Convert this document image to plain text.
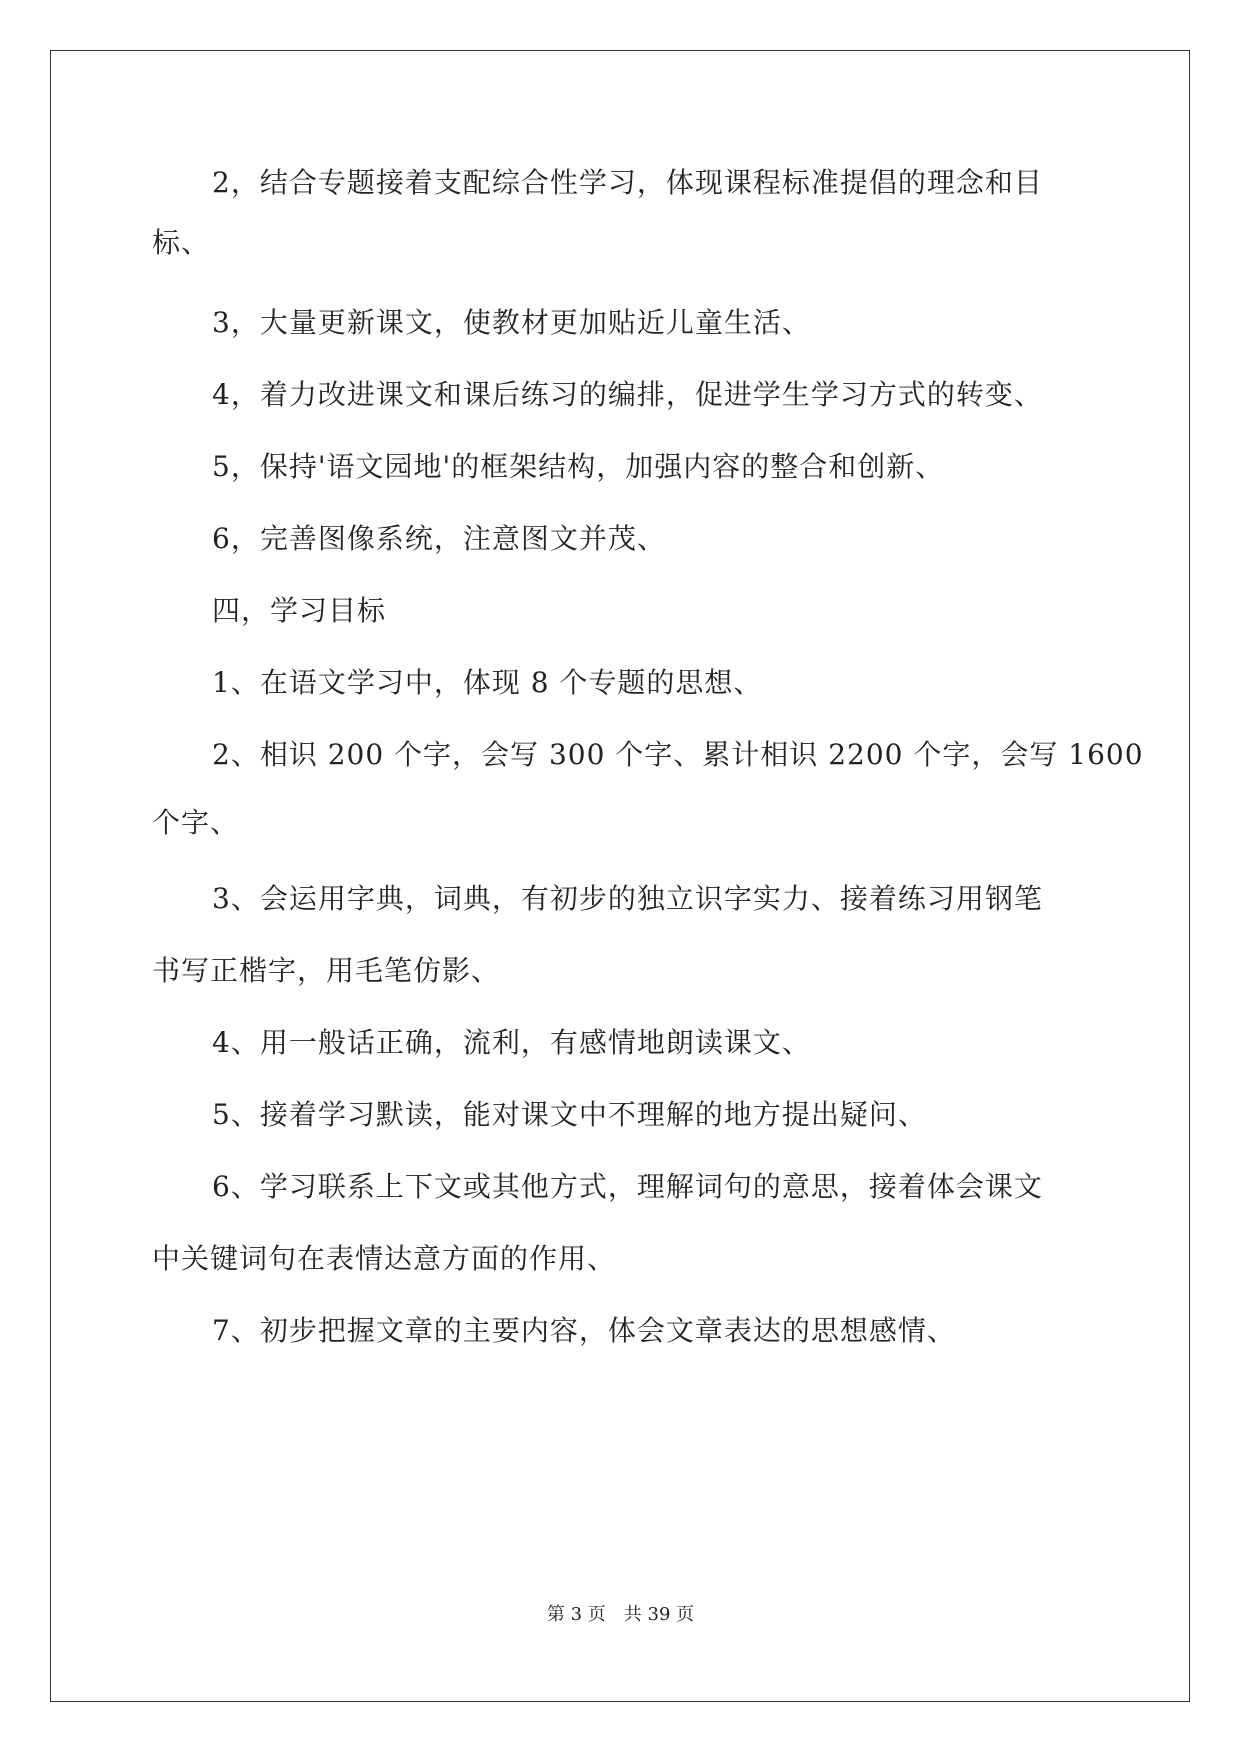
2，结合专题接着支配综合性学习，体现课程标准提倡的理念和目
标、
3，大量更新课文，使教材更加贴近儿童生活、
4，着力改进课文和课后练习的编排，促进学生学习方式的转变、
5，保持'语文园地'的框架结构，加强内容的整合和创新、
6，完善图像系统，注意图文并茂、
四，学习目标
1、在语文学习中，体现 8 个专题的思想、
2、相识 200 个字，会写 300 个字、累计相识 2200 个字，会写 1600
个字、
3、会运用字典，词典，有初步的独立识字实力、接着练习用钢笔
书写正楷字，用毛笔仿影、
4、用一般话正确，流利，有感情地朗读课文、
5、接着学习默读，能对课文中不理解的地方提出疑问、
6、学习联系上下文或其他方式，理解词句的意思，接着体会课文
中关键词句在表情达意方面的作用、
7、初步把握文章的主要内容，体会文章表达的思想感情、
第 3 页　共 39 页
